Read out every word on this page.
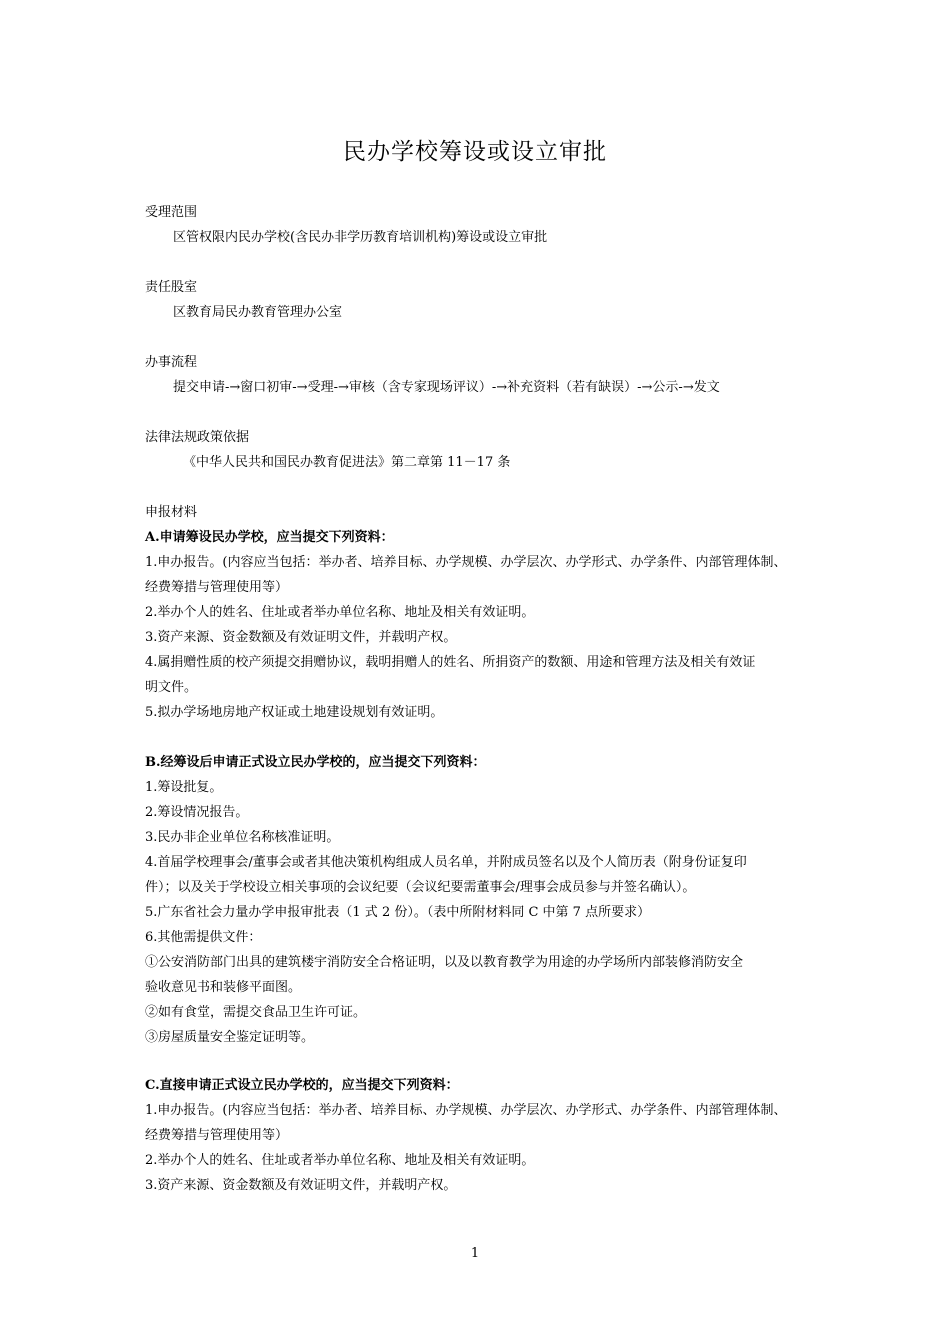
民办学校筹设或设立审批
受理范围
区管权限内民办学校(含民办非学历教育培训机构)筹设或设立审批
责任股室
区教育局民办教育管理办公室
办事流程
提交申请-→窗口初审-→受理-→审核（含专家现场评议）-→补充资料（若有缺误）-→公示-→发文
法律法规政策依据
《中华人民共和国民办教育促进法》第二章第 11－17 条
申报材料
A.申请筹设民办学校，应当提交下列资料：
1.申办报告。(内容应当包括：举办者、培养目标、办学规模、办学层次、办学形式、办学条件、内部管理体制、
经费筹措与管理使用等）
2.举办个人的姓名、住址或者举办单位名称、地址及相关有效证明。
3.资产来源、资金数额及有效证明文件，并载明产权。
4.属捐赠性质的校产须提交捐赠协议，载明捐赠人的姓名、所捐资产的数额、用途和管理方法及相关有效证
明文件。
5.拟办学场地房地产权证或土地建设规划有效证明。
B.经筹设后申请正式设立民办学校的，应当提交下列资料：
1.筹设批复。
2.筹设情况报告。
3.民办非企业单位名称核准证明。
4.首届学校理事会/董事会或者其他决策机构组成人员名单，并附成员签名以及个人简历表（附身份证复印
件）；以及关于学校设立相关事项的会议纪要（会议纪要需董事会/理事会成员参与并签名确认）。
5.广东省社会力量办学申报审批表（1 式 2 份）。（表中所附材料同 C 中第 7 点所要求）
6.其他需提供文件：
①公安消防部门出具的建筑楼宇消防安全合格证明，以及以教育教学为用途的办学场所内部装修消防安全
验收意见书和装修平面图。
②如有食堂，需提交食品卫生许可证。
③房屋质量安全鉴定证明等。
C.直接申请正式设立民办学校的，应当提交下列资料：
1.申办报告。(内容应当包括：举办者、培养目标、办学规模、办学层次、办学形式、办学条件、内部管理体制、
经费筹措与管理使用等）
2.举办个人的姓名、住址或者举办单位名称、地址及相关有效证明。
3.资产来源、资金数额及有效证明文件，并载明产权。
1
